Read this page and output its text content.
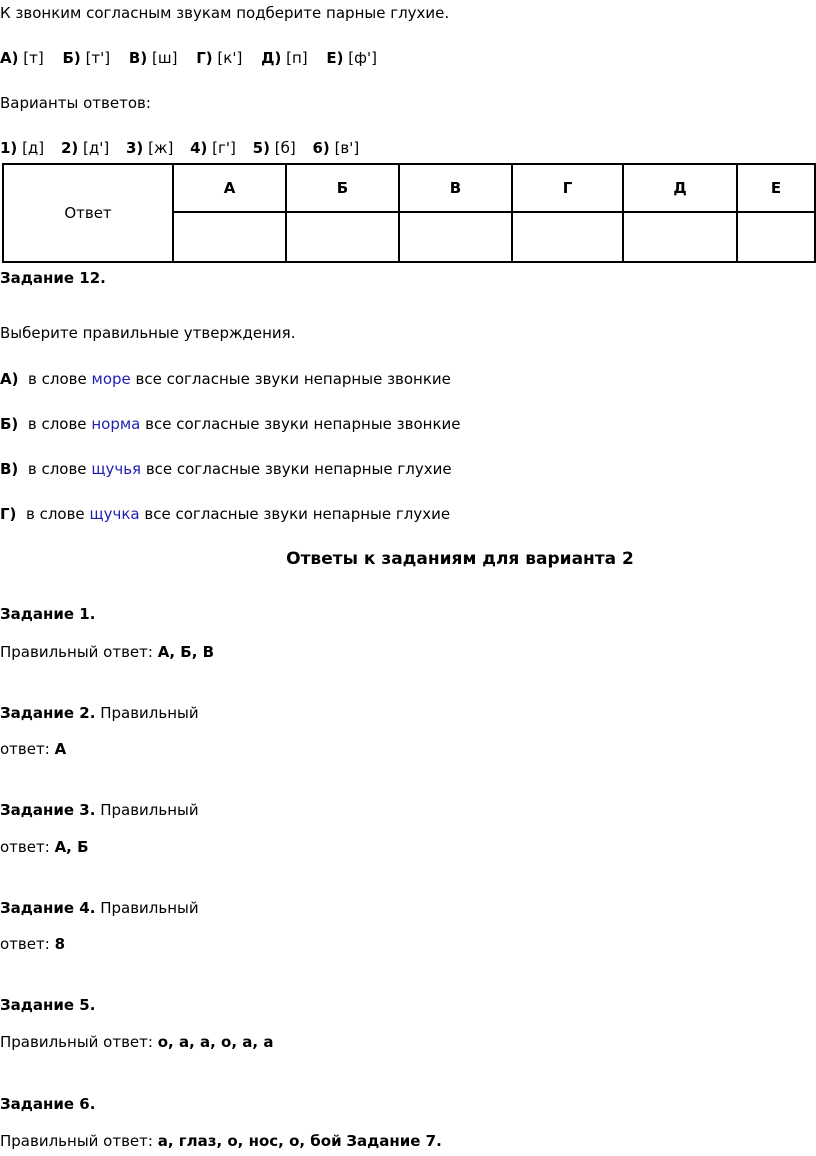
К звонким согласным звукам подберите парные глухие.
А) [т] Б) [т'] В) [ш] Г) [к'] Д) [п] Е) [ф']
Варианты ответов:
1) [д] 2) [д'] 3) [ж] 4) [г'] 5) [б] 6) [в']
Ответ	А	Б	В	Г	Д	Е

Задание 12.
Выберите правильные утверждения.
А) в слове море все согласные звуки непарные звонкие
Б) в слове норма все согласные звуки непарные звонкие
В) в слове щучья все согласные звуки непарные глухие
Г) в слове щучка все согласные звуки непарные глухие
Ответы к заданиям для варианта 2
Задание 1.
Правильный ответ: А, Б, В
Задание 2. Правильный
ответ: А
Задание 3. Правильный
ответ: А, Б
Задание 4. Правильный
ответ: 8
Задание 5.
Правильный ответ: о, а, а, о, а, а
Задание 6.
Правильный ответ: а, глаз, о, нос, о, бой Задание 7.
